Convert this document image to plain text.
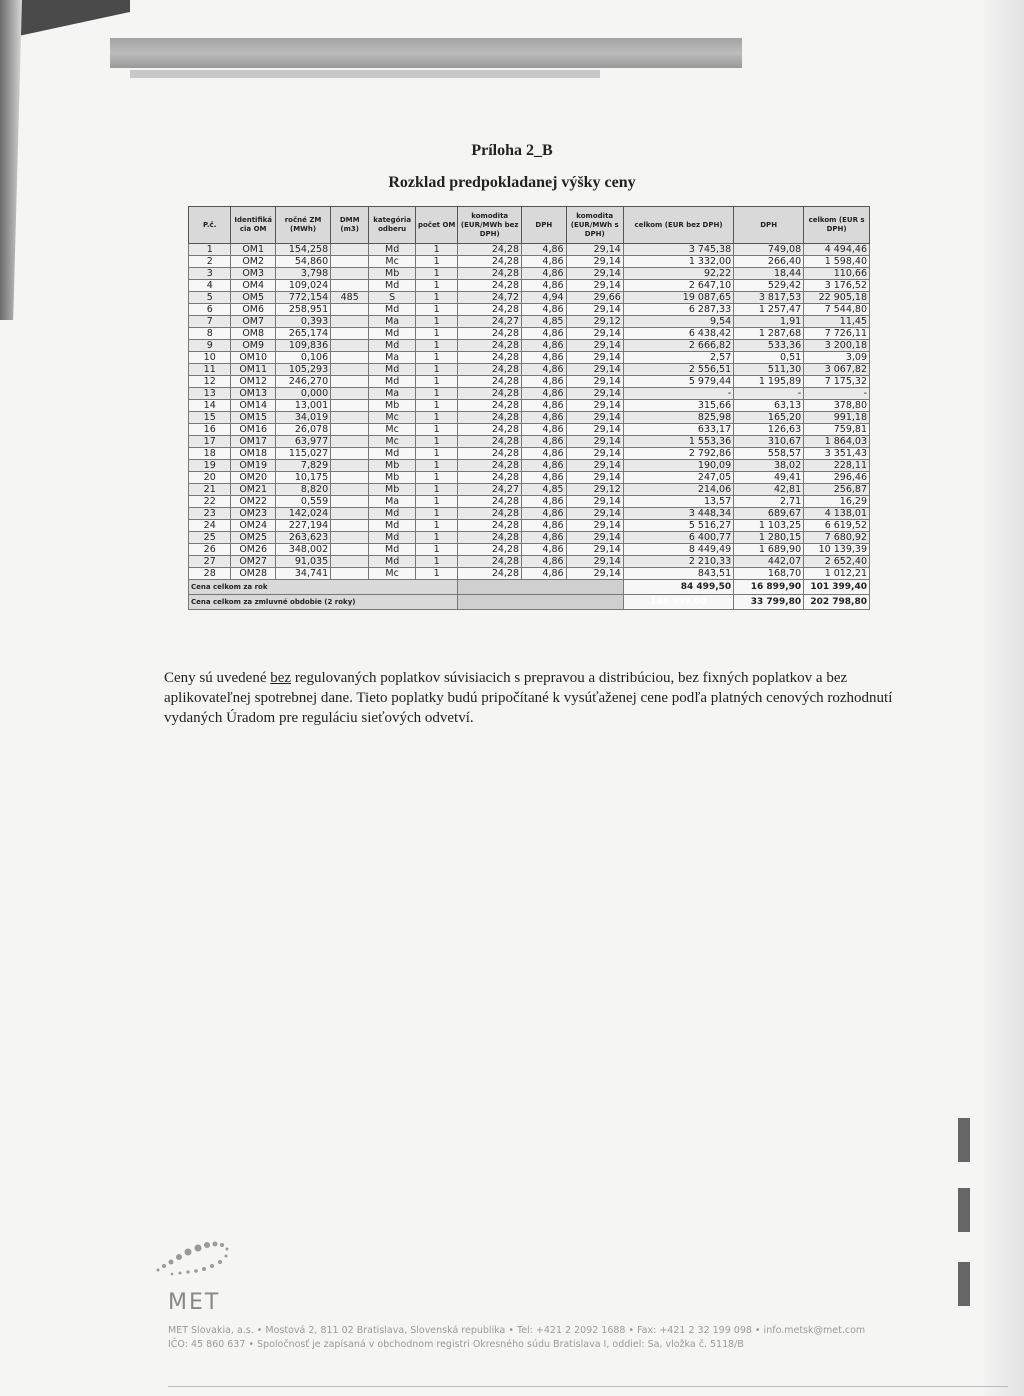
Príloha 2_B
Rozklad predpokladanej výšky ceny
P.č.	Identifiká cia OM	ročné ZM (MWh)	DMM (m3)	kategória odberu	počet OM	komodita (EUR/MWh bez DPH)	DPH	komodita (EUR/MWh s DPH)	celkom (EUR bez DPH)	DPH	celkom (EUR s DPH)
1	OM1	154,258		Md	1	24,28	4,86	29,14	3 745,38	749,08	4 494,46
2	OM2	54,860		Mc	1	24,28	4,86	29,14	1 332,00	266,40	1 598,40
3	OM3	3,798		Mb	1	24,28	4,86	29,14	92,22	18,44	110,66
4	OM4	109,024		Md	1	24,28	4,86	29,14	2 647,10	529,42	3 176,52
5	OM5	772,154	485	S	1	24,72	4,94	29,66	19 087,65	3 817,53	22 905,18
6	OM6	258,951		Md	1	24,28	4,86	29,14	6 287,33	1 257,47	7 544,80
7	OM7	0,393		Ma	1	24,27	4,85	29,12	9,54	1,91	11,45
8	OM8	265,174		Md	1	24,28	4,86	29,14	6 438,42	1 287,68	7 726,11
9	OM9	109,836		Md	1	24,28	4,86	29,14	2 666,82	533,36	3 200,18
10	OM10	0,106		Ma	1	24,28	4,86	29,14	2,57	0,51	3,09
11	OM11	105,293		Md	1	24,28	4,86	29,14	2 556,51	511,30	3 067,82
12	OM12	246,270		Md	1	24,28	4,86	29,14	5 979,44	1 195,89	7 175,32
13	OM13	0,000		Ma	1	24,28	4,86	29,14	-	-	-
14	OM14	13,001		Mb	1	24,28	4,86	29,14	315,66	63,13	378,80
15	OM15	34,019		Mc	1	24,28	4,86	29,14	825,98	165,20	991,18
16	OM16	26,078		Mc	1	24,28	4,86	29,14	633,17	126,63	759,81
17	OM17	63,977		Mc	1	24,28	4,86	29,14	1 553,36	310,67	1 864,03
18	OM18	115,027		Md	1	24,28	4,86	29,14	2 792,86	558,57	3 351,43
19	OM19	7,829		Mb	1	24,28	4,86	29,14	190,09	38,02	228,11
20	OM20	10,175		Mb	1	24,28	4,86	29,14	247,05	49,41	296,46
21	OM21	8,820		Mb	1	24,27	4,85	29,12	214,06	42,81	256,87
22	OM22	0,559		Ma	1	24,28	4,86	29,14	13,57	2,71	16,29
23	OM23	142,024		Md	1	24,28	4,86	29,14	3 448,34	689,67	4 138,01
24	OM24	227,194		Md	1	24,28	4,86	29,14	5 516,27	1 103,25	6 619,52
25	OM25	263,623		Md	1	24,28	4,86	29,14	6 400,77	1 280,15	7 680,92
26	OM26	348,002		Md	1	24,28	4,86	29,14	8 449,49	1 689,90	10 139,39
27	OM27	91,035		Md	1	24,28	4,86	29,14	2 210,33	442,07	2 652,40
28	OM28	34,741		Mc	1	24,28	4,86	29,14	843,51	168,70	1 012,21
Cena celkom za rok									84 499,50	16 899,90	101 399,40
Cena celkom za zmluvné obdobie (2 roky)									168 999,00	33 799,80	202 798,80
Ceny sú uvedené bez regulovaných poplatkov súvisiacich s prepravou a distribúciou, bez fixných poplatkov a bez aplikovateľnej spotrebnej dane. Tieto poplatky budú pripočítané k vysúťaženej cene podľa platných cenových rozhodnutí vydaných Úradom pre reguláciu sieťových odvetví.
MET
MET Slovakia, a.s. • Mostová 2, 811 02 Bratislava, Slovenská republika • Tel: +421 2 2092 1688 • Fax: +421 2 32 199 098 • info.metsk@met.com
IČO: 45 860 637 • Spoločnosť je zapísaná v obchodnom registri Okresného súdu Bratislava I, oddiel: Sa, vložka č. 5118/B
